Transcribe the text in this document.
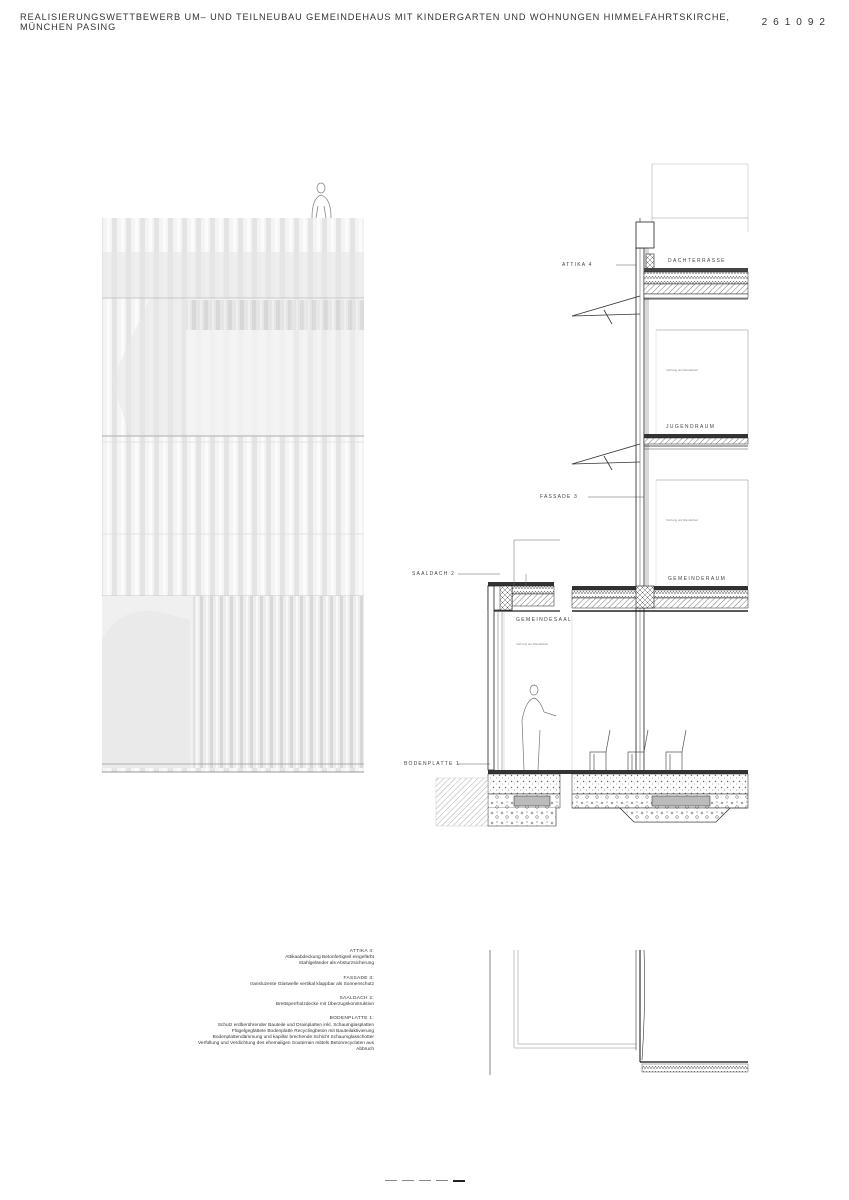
REALISIERUNGSWETTBEWERB UM– UND TEILNEUBAU GEMEINDEHAUS MIT KINDERGARTEN UND WOHNUNGEN HIMMELFAHRTSKIRCHE, MÜNCHEN PASING	261092
ATTIKA 4
FASSADE 3
SAALDACH 2
BODENPLATTE 1
DACHTERRASSE
JUGENDRAUM
GEMEINDERAUM
GEMEINDESAAL
Vorhang als Wandarbeit
Vorhang als Wandarbeit
Vorhang als Wandarbeit
ATTIKA 4:
Attikaabdeckung Betonfertigteil eingefärbt
Stahlgeländer als Absturzsicherung
FASSADE 3:
transluzente Glaswelle vertikal klappbar als Sonnenschutz
SAALDACH 2:
Brettsperrholzdecke mit Überzugskonstruktion
BODENPLATTE 1:
Schutz erdberührender Bauteile und Drainplatten inkl. Schaumglasplatten
Flügelgeglättete Bodenplatte Recyclingbeton mit Bauteilaktivierung
Bodenplattendämmung und kapillar brechende Schicht Schaumglasschotter
Verfüllung und Verdichtung des ehemaligen Souterrain mittels Betonrecyclaten aus Abbruch
